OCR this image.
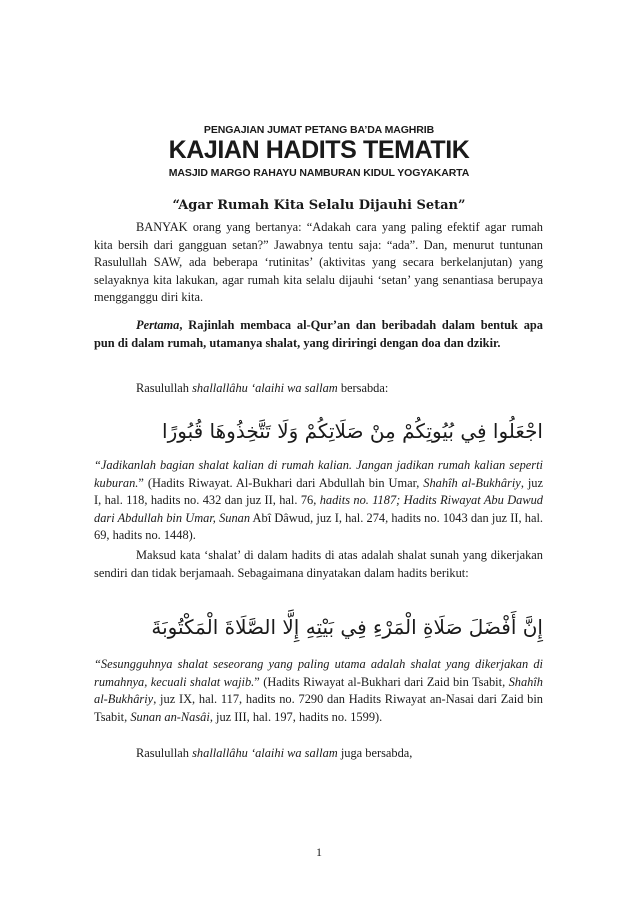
PENGAJIAN JUMAT PETANG BA’DA MAGHRIB
KAJIAN HADITS TEMATIK
MASJID MARGO RAHAYU NAMBURAN KIDUL YOGYAKARTA
“Agar Rumah Kita Selalu Dijauhi Setan”

BANYAK orang yang bertanya: “Adakah cara yang paling efektif agar rumah kita bersih dari gangguan setan?” Jawabnya tentu saja: “ada”. Dan, menurut tuntunan Rasulullah SAW, ada beberapa ‘rutinitas’ (aktivitas yang secara berkelanjutan) yang selayaknya kita lakukan, agar rumah kita selalu dijauhi ‘setan’ yang senantiasa berupaya mengganggu diri kita.

Pertama, Rajinlah membaca al-Qur’an dan beribadah dalam bentuk apa pun di dalam rumah, utamanya shalat, yang diriringi dengan doa dan dzikir.

Rasulullah shallallâhu ‘alaihi wa sallam bersabda:

اجْعَلُوا فِي بُيُوتِكُمْ مِنْ صَلَاتِكُمْ وَلَا تَتَّخِذُوهَا قُبُورًا

“Jadikanlah bagian shalat kalian di rumah kalian. Jangan jadikan rumah kalian seperti kuburan.” (Hadits Riwayat. Al-Bukhari dari Abdullah bin Umar, Shahîh al-Bukhâriy, juz I, hal. 118, hadits no. 432 dan juz II, hal. 76, hadits no. 1187; Hadits Riwayat Abu Dawud dari Abdullah bin Umar, Sunan Abî Dâwud, juz I, hal. 274, hadits no. 1043 dan juz II, hal. 69, hadits no. 1448).

Maksud kata ‘shalat’ di dalam hadits di atas adalah shalat sunah yang dikerjakan sendiri dan tidak berjamaah. Sebagaimana dinyatakan dalam hadits berikut:

إِنَّ أَفْضَلَ صَلَاةِ الْمَرْءِ فِي بَيْتِهِ إِلَّا الصَّلَاةَ الْمَكْتُوبَةَ

“Sesungguhnya shalat seseorang yang paling utama adalah shalat yang dikerjakan di rumahnya, kecuali shalat wajib.” (Hadits Riwayat al-Bukhari dari Zaid bin Tsabit, Shahîh al-Bukhâriy, juz IX, hal. 117, hadits no. 7290 dan Hadits Riwayat an-Nasai dari Zaid bin Tsabit, Sunan an-Nasâi, juz III, hal. 197, hadits no. 1599).

Rasulullah shallallâhu ‘alaihi wa sallam juga bersabda,

1
